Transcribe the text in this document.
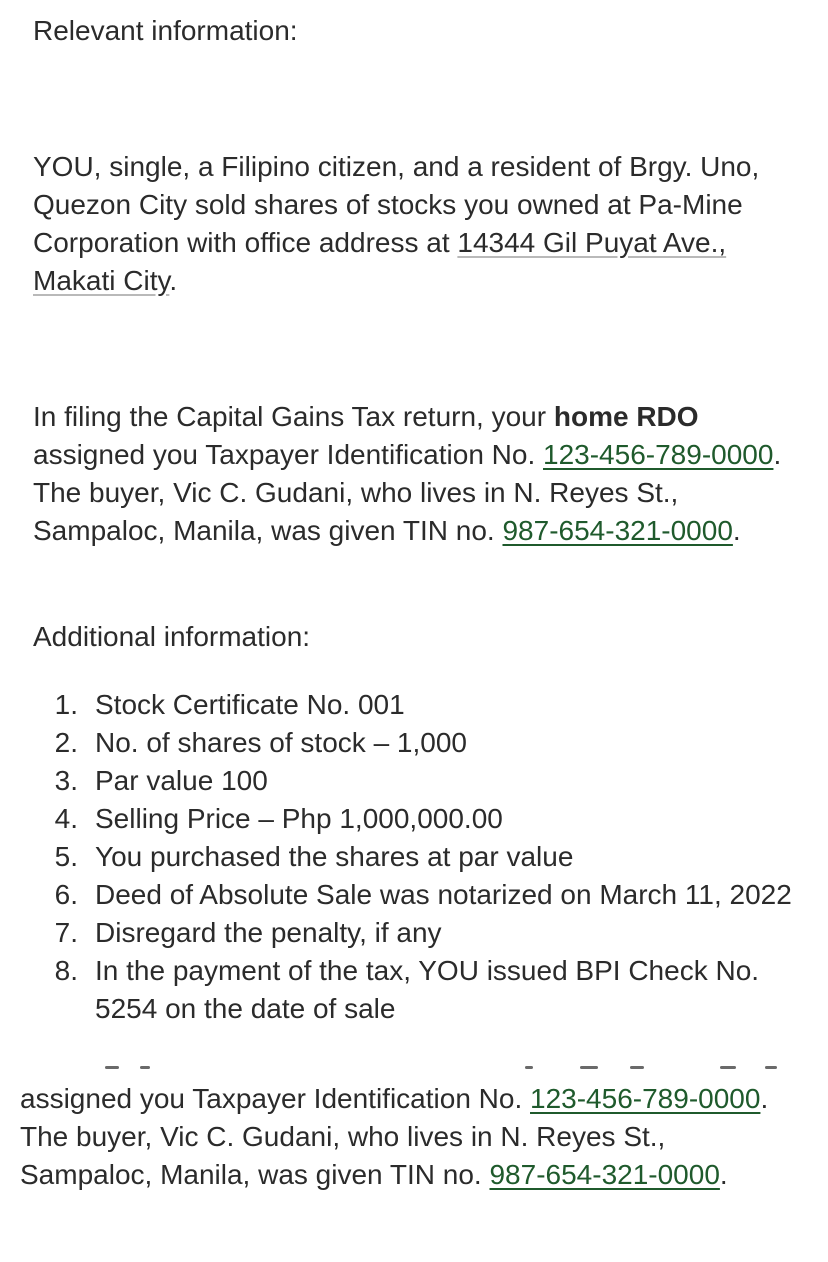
Relevant information:

YOU, single, a Filipino citizen, and a resident of Brgy. Uno, Quezon City sold shares of stocks you owned at Pa-Mine Corporation with office address at 14344 Gil Puyat Ave., Makati City.

In filing the Capital Gains Tax return, your home RDO assigned you Taxpayer Identification No. 123-456-789-0000. The buyer, Vic C. Gudani, who lives in N. Reyes St., Sampaloc, Manila, was given TIN no. 987-654-321-0000.

Additional information:

1. Stock Certificate No. 001
2. No. of shares of stock – 1,000
3. Par value 100
4. Selling Price – Php 1,000,000.00
5. You purchased the shares at par value
6. Deed of Absolute Sale was notarized on March 11, 2022
7. Disregard the penalty, if any
8. In the payment of the tax, YOU issued BPI Check No. 5254 on the date of sale

assigned you Taxpayer Identification No. 123-456-789-0000. The buyer, Vic C. Gudani, who lives in N. Reyes St., Sampaloc, Manila, was given TIN no. 987-654-321-0000.
